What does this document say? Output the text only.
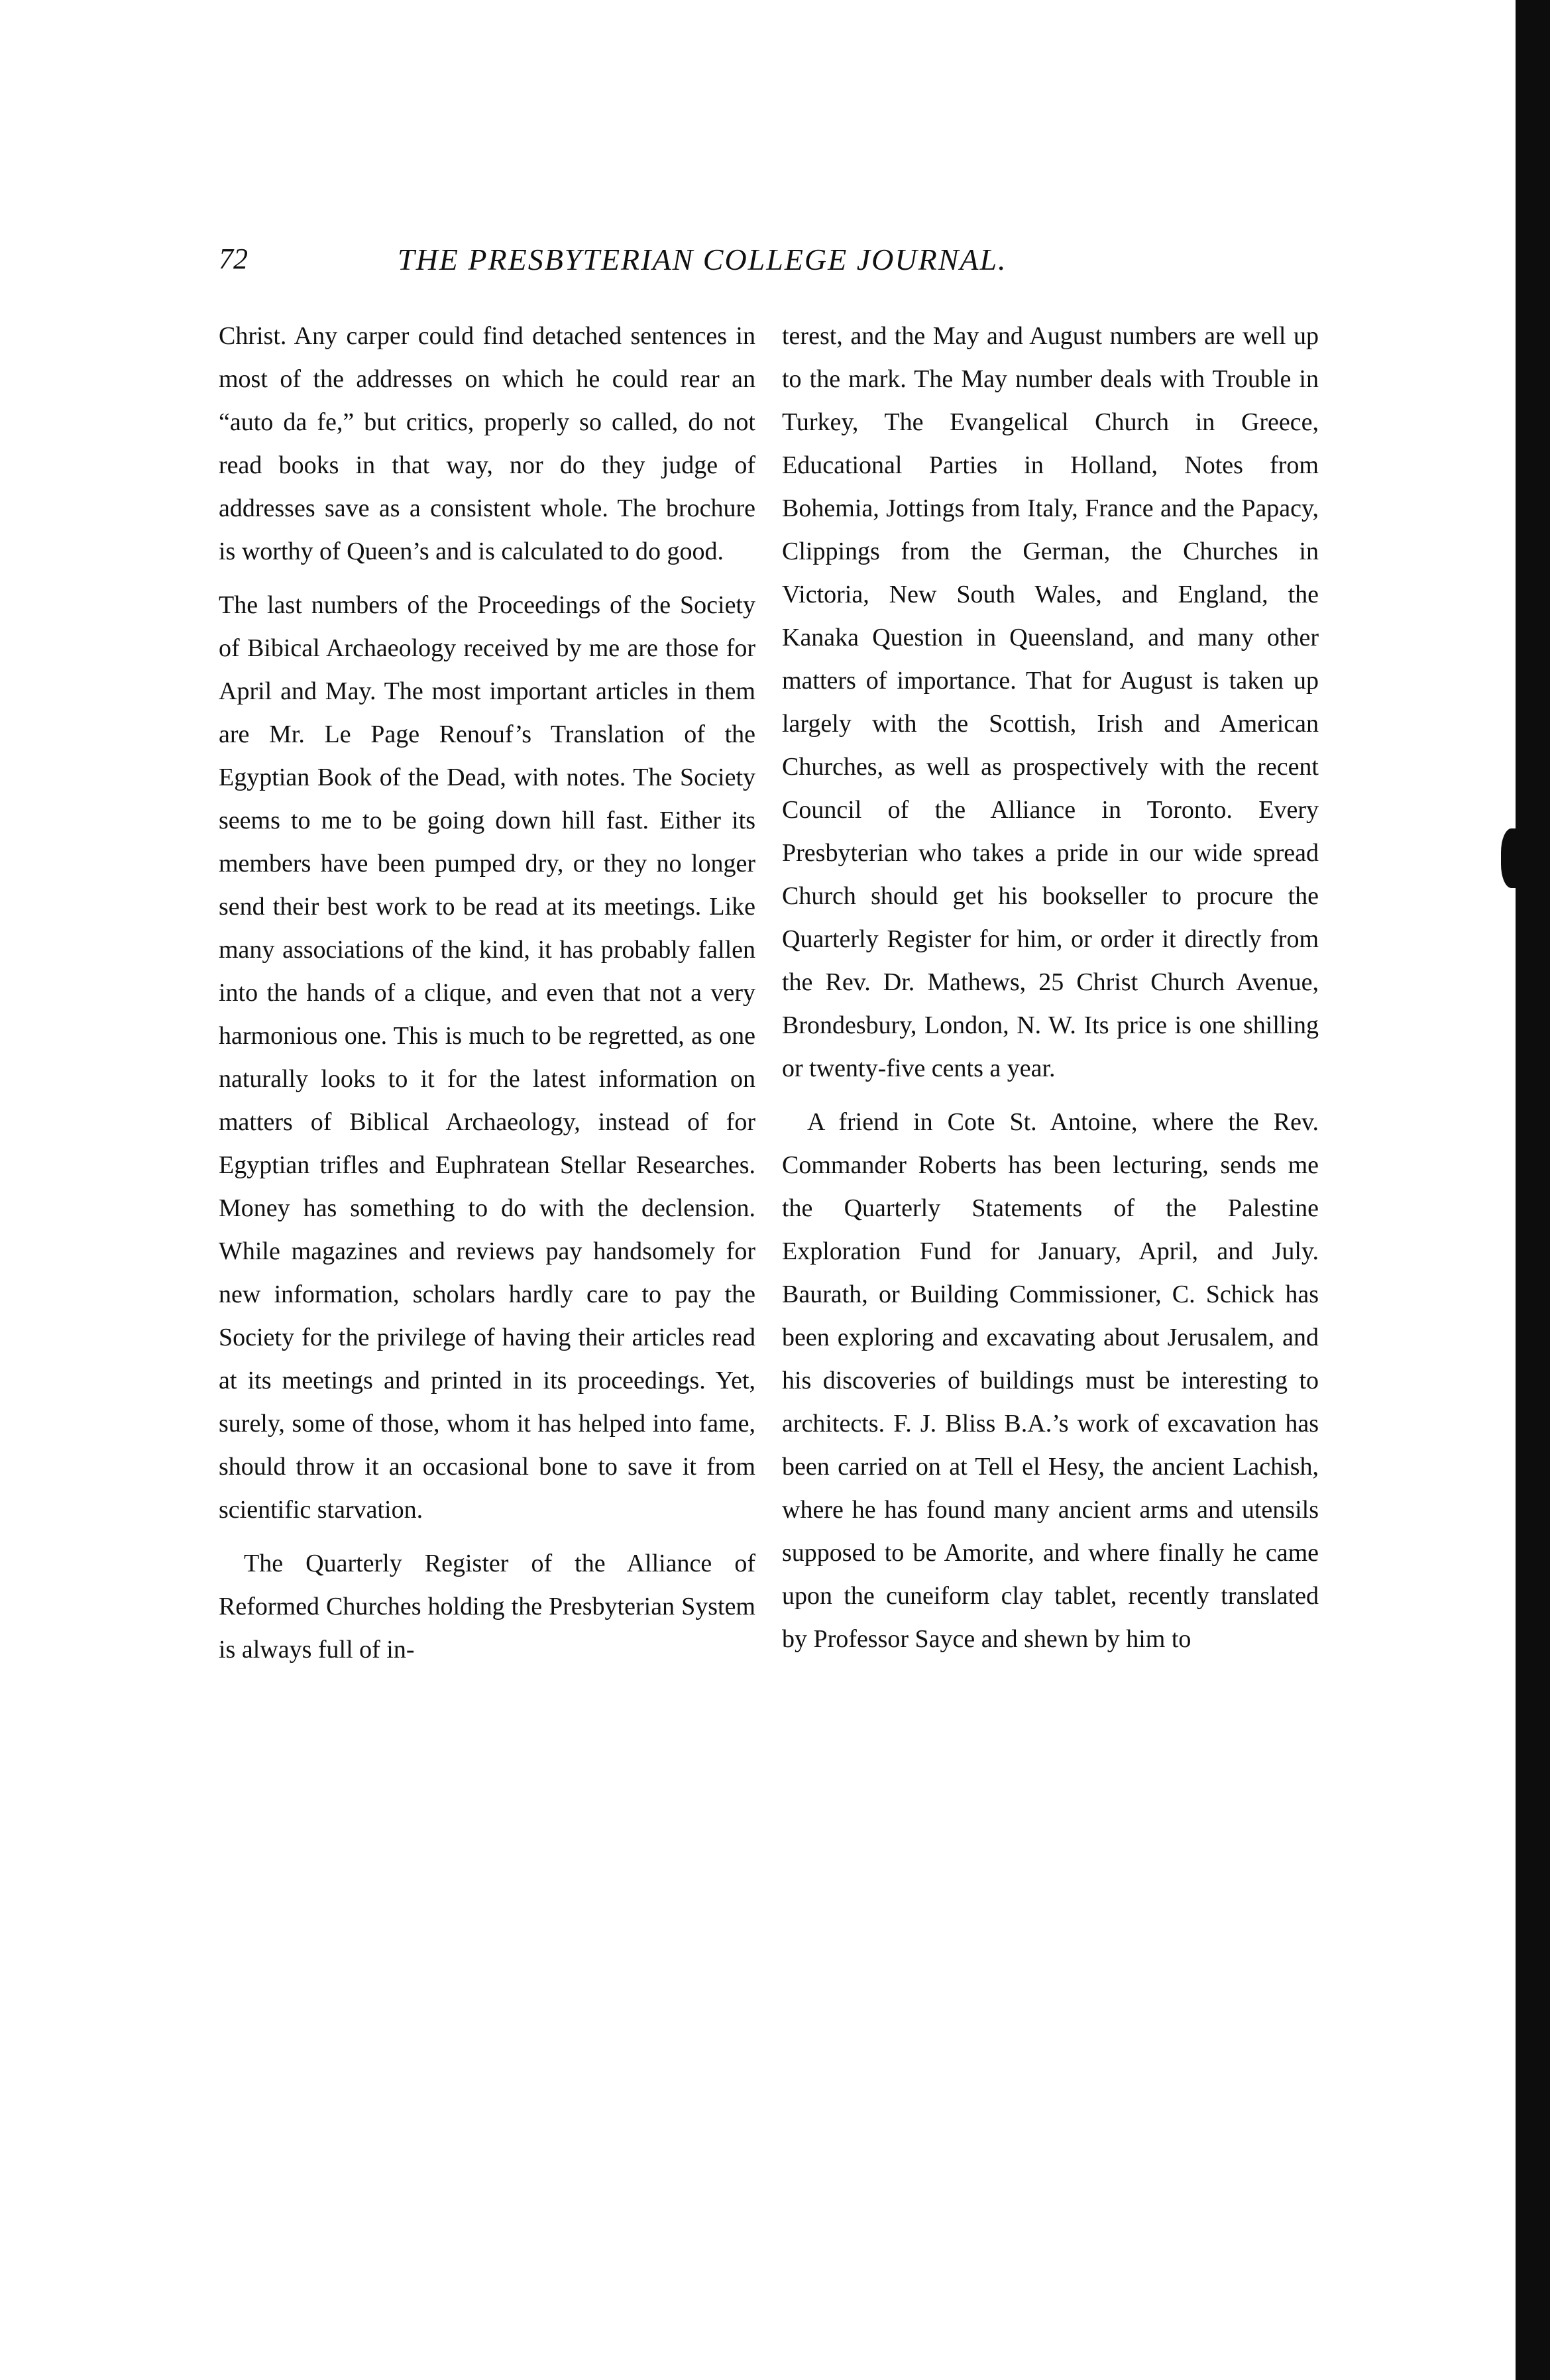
72	THE PRESBYTERIAN COLLEGE JOURNAL.

Christ. Any carper could find detached sentences in most of the addresses on which he could rear an “auto da fe,” but critics, properly so called, do not read books in that way, nor do they judge of addresses save as a consistent whole. The brochure is worthy of Queen’s and is calculated to do good.

The last numbers of the Proceedings of the Society of Bibical Archaeology received by me are those for April and May. The most important articles in them are Mr. Le Page Renouf’s Translation of the Egyptian Book of the Dead, with notes. The Society seems to me to be going down hill fast. Either its members have been pumped dry, or they no longer send their best work to be read at its meetings. Like many associations of the kind, it has probably fallen into the hands of a clique, and even that not a very harmonious one. This is much to be regretted, as one naturally looks to it for the latest information on matters of Biblical Archaeology, instead of for Egyptian trifles and Euphratean Stellar Researches. Money has something to do with the declension. While magazines and reviews pay handsomely for new information, scholars hardly care to pay the Society for the privilege of having their articles read at its meetings and printed in its proceedings. Yet, surely, some of those, whom it has helped into fame, should throw it an occasional bone to save it from scientific starvation.

The Quarterly Register of the Alliance of Reformed Churches holding the Presbyterian System is always full of in-

terest, and the May and August numbers are well up to the mark. The May number deals with Trouble in Turkey, The Evangelical Church in Greece, Educational Parties in Holland, Notes from Bohemia, Jottings from Italy, France and the Papacy, Clippings from the German, the Churches in Victoria, New South Wales, and England, the Kanaka Question in Queensland, and many other matters of importance. That for August is taken up largely with the Scottish, Irish and American Churches, as well as prospectively with the recent Council of the Alliance in Toronto. Every Presbyterian who takes a pride in our wide spread Church should get his bookseller to procure the Quarterly Register for him, or order it directly from the Rev. Dr. Mathews, 25 Christ Church Avenue, Brondesbury, London, N. W. Its price is one shilling or twenty-five cents a year.

A friend in Cote St. Antoine, where the Rev. Commander Roberts has been lecturing, sends me the Quarterly Statements of the Palestine Exploration Fund for January, April, and July. Baurath, or Building Commissioner, C. Schick has been exploring and excavating about Jerusalem, and his discoveries of buildings must be interesting to architects. F. J. Bliss B.A.’s work of excavation has been carried on at Tell el Hesy, the ancient Lachish, where he has found many ancient arms and utensils supposed to be Amorite, and where finally he came upon the cuneiform clay tablet, recently translated by Professor Sayce and shewn by him to
